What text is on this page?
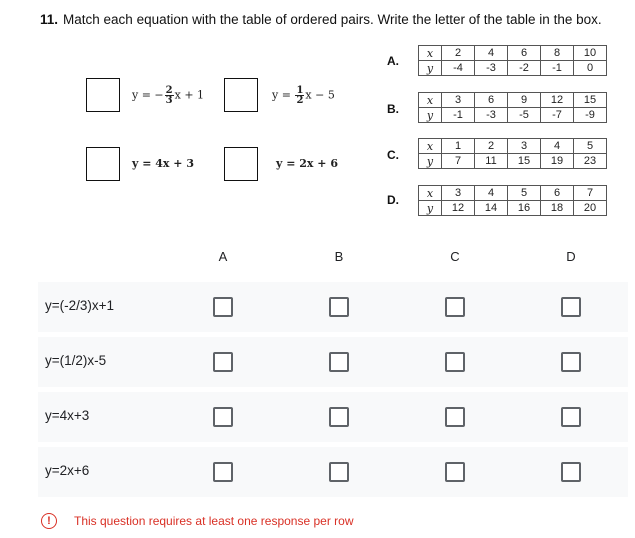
11. Match each equation with the table of ordered pairs. Write the letter of the table in the box.
y = − $\frac{2}{3}$ x + 1	$y = \frac{1}{2}$ x − 5
y = 4x + 3	y = 2x + 6
A.
x	2	4	6	8	10
y	-4	-3	-2	-1	0
B.
x	3	6	9	12	15
y	-1	-3	-5	-7	-9
C.
x	1	2	3	4	5
y	7	11	15	19	23
D.	x	3	4	5	6	7
y	12	14	16	18	20
A	B	C	D
y=(-2/3)x+1
y=(1/2)x-5
y=4x+3
y=2x+6
!	This question requires at least one response per row
